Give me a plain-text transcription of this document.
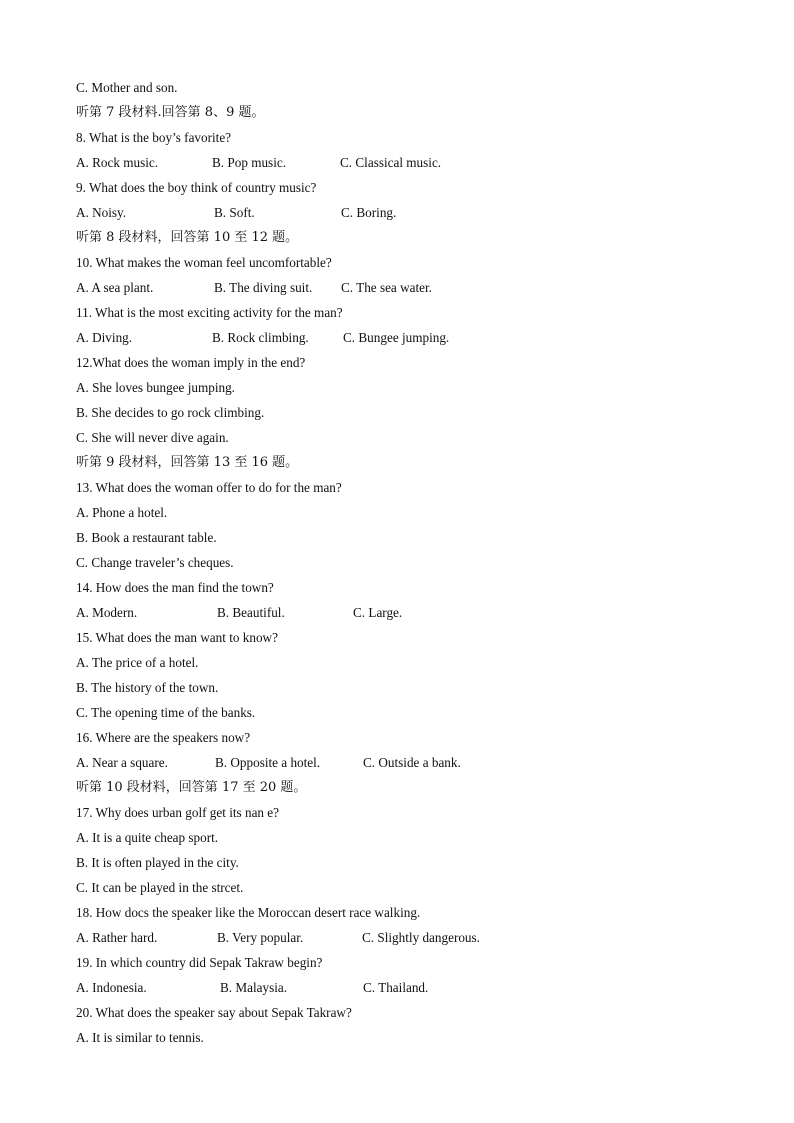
C. Mother and son.
听第 7 段材料.回答第 8、9 题。
8. What is the boy’s favorite?
A. Rock music.	B. Pop music.	C. Classical music.
9. What does the boy think of country music?
A. Noisy.	B. Soft.	C. Boring.
听第 8 段材料，回答第 10 至 12 题。
10. What makes the woman feel uncomfortable?
A. A sea plant.	B. The diving suit. C. The sea water.
11. What is the most exciting activity for the man?
A. Diving.	B. Rock climbing.	C. Bungee jumping.
12.What does the woman imply in the end?
A. She loves bungee jumping.
B. She decides to go rock climbing.
C. She will never dive again.
听第 9 段材料，回答第 13 至 16 题。
13. What does the woman offer to do for the man?
A. Phone a hotel.
B. Book a restaurant table.
C. Change traveler’s cheques.
14. How does the man find the town?
A. Modern.	B. Beautiful.	C. Large.
15. What does the man want to know?
A. The price of a hotel.
B. The history of the town.
C. The opening time of the banks.
16. Where are the speakers now?
A. Near a square.	B. Opposite a hotel.	C. Outside a bank.
听第 10 段材料，回答第 17 至 20 题。
17. Why does urban golf get its nan e?
A. It is a quite cheap sport.
B. It is often played in the city.
C. It can be played in the strcet.
18. How docs the speaker like the Moroccan desert race walking.
A. Rather hard.	B. Very popular.	C. Slightly dangerous.
19. In which country did Sepak Takraw begin?
A. Indonesia.	B. Malaysia.	C. Thailand.
20. What does the speaker say about Sepak Takraw?
A. It is similar to tennis.
